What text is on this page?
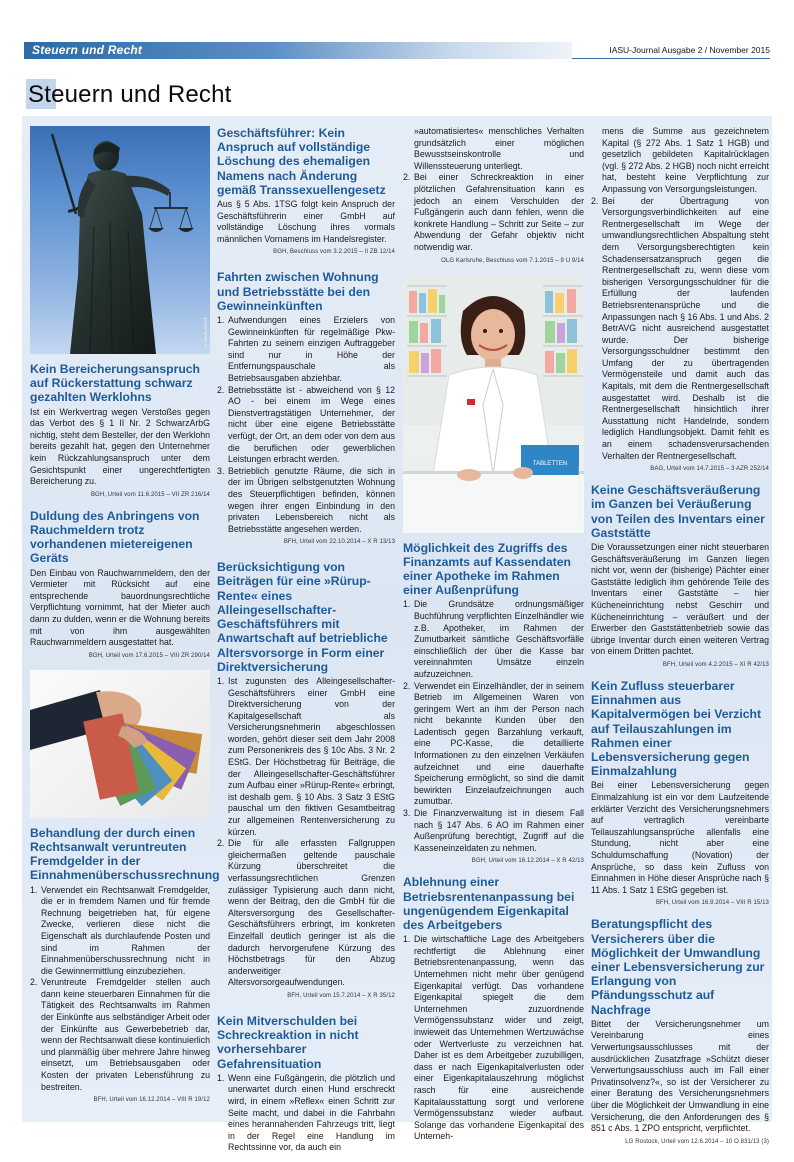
Steuern und Recht	IASU-Journal Ausgabe 2 / November 2015
Steuern und Recht
© MarkusBeck
Kein Bereicherungsanspruch auf Rückerstattung schwarz gezahlten Werklohns

Ist ein Werkvertrag wegen Verstoßes gegen das Verbot des § 1 II Nr. 2 SchwarzArbG nichtig, steht dem Besteller, der den Werklohn bereits gezahlt hat, gegen den Unternehmer kein Rückzahlungsanspruch unter dem Gesichtspunkt einer ungerechtfertigten Bereicherung zu.

BGH, Urteil vom 11.6.2015 – VII ZR 216/14
Duldung des Anbringens von Rauchmeldern trotz vorhandenen mietereigenen Geräts

Den Einbau von Rauchwarnmeldern, den der Vermieter mit Rücksicht auf eine entsprechende bauordnungsrechtliche Verpflichtung vornimmt, hat der Mieter auch dann zu dulden, wenn er die Wohnung bereits mit von ihm ausgewählten Rauchwarnmeldern ausgestattet hat.

BGH, Urteil vom 17.6.2015 – VIII ZR 290/14
© Kaband Mehr - Fotolia.com
Behandlung der durch einen Rechtsanwalt veruntreuten Fremdgelder in der Einnahmenüberschussrechnung
Verwendet ein Rechtsanwalt Fremdgelder, die er in fremdem Namen und für fremde Rechnung beigetrieben hat, für eigene Zwecke, verlieren diese nicht die Eigenschaft als durchlaufende Posten und sind im Rahmen der Einnahmenüberschussrechnung nicht in die Gewinnermittlung einzubeziehen.
Veruntreute Fremdgelder stellen auch dann keine steuerbaren Einnahmen für die Tätigkeit des Rechtsanwalts im Rahmen der Einkünfte aus selbständiger Arbeit oder der Einkünfte aus Gewerbebetrieb dar, wenn der Rechtsanwalt diese kontinuierlich und planmäßig über mehrere Jahre hinweg einsetzt, um Betriebsausgaben oder Kosten der privaten Lebensführung zu bestreiten.
BFH, Urteil vom 16.12.2014 – VIII R 19/12
Geschäftsführer: Kein Anspruch auf vollständige Löschung des ehemaligen Namens nach Änderung gemäß Transsexuellengesetz

Aus § 5 Abs. 1TSG folgt kein Anspruch der Geschäftsführerin einer GmbH auf vollständige Löschung ihres vormals männlichen Vornamens im Handelsregister.

BGH, Beschluss vom 3.2.2015 – II ZB 12/14
Fahrten zwischen Wohnung und Betriebsstätte bei den Gewinneinkünften
Aufwendungen eines Erzielers von Gewinneinkünften für regelmäßige Pkw-Fahrten zu seinem einzigen Auftraggeber sind nur in Höhe der Entfernungspauschale als Betriebsausgaben abziehbar.
Betriebsstätte ist - abweichend von § 12 AO - bei einem im Wege eines Dienstvertragstätigen Unternehmer, der nicht über eine eigene Betriebsstätte verfügt, der Ort, an dem oder von dem aus die beruflichen oder gewerblichen Leistungen erbracht werden.
Betrieblich genutzte Räume, die sich in der im Übrigen selbstgenutzten Wohnung des Steuerpflichtigen befinden, können wegen ihrer engen Einbindung in den privaten Lebensbereich nicht als Betriebsstätte angesehen werden.
BFH, Urteil vom 22.10.2014 – X R 13/13
Berücksichtigung von Beiträgen für eine »Rürup-Rente« eines Alleingesellschafter-Geschäftsführers mit Anwartschaft auf betriebliche Altersvorsorge in Form einer Direktversicherung
Ist zugunsten des Alleingesellschafter-Geschäftsführers einer GmbH eine Direktversicherung von der Kapitalgesellschaft als Versicherungsnehmerin abgeschlossen worden, gehört dieser seit dem Jahr 2008 zum Personenkreis des § 10c Abs. 3 Nr. 2 EStG. Der Höchstbetrag für Beiträge, die der Alleingesellschafter-Geschäftsführer zum Aufbau einer »Rürup-Rente« erbringt, ist deshalb gem. § 10 Abs. 3 Satz 3 EStG pauschal um den fiktiven Gesamtbeitrag zur allgemeinen Rentenversicherung zu kürzen.
Die für alle erfassten Fallgruppen gleichermaßen geltende pauschale Kürzung überschreitet die verfassungsrechtlichen Grenzen zulässiger Typisierung auch dann nicht, wenn der Beitrag, den die GmbH für die Altersversorgung des Gesellschafter-Geschäftsführers erbringt, im konkreten Einzelfall deutlich geringer ist als die dadurch hervorgerufene Kürzung des Höchstbetrags für den Abzug anderweitiger Altersvorsorgeaufwendungen.
BFH, Urteil vom 15.7.2014 – X R 35/12
Kein Mitverschulden bei Schreckreaktion in nicht vorhersehbarer Gefahrensituation
Wenn eine Fußgängerin, die plötzlich und unerwartet durch einen Hund erschreckt wird, in einem »Reflex« einen Schritt zur Seite macht, und dabei in die Fahrbahn eines herannahenden Fahrzeugs tritt, liegt in der Regel eine Handlung im Rechtssinne vor, da auch ein
»automatisiertes« menschliches Verhalten grundsätzlich einer möglichen Bewusstseinskontrolle und Willenssteuerung unterliegt.
2. Bei einer Schreckreaktion in einer plötzlichen Gefahrensituation kann es jedoch an einem Verschulden der Fußgängerin auch dann fehlen, wenn die konkrete Handlung – Schritt zur Seite – zur Abwendung der Gefahr objektiv nicht notwendig war.
OLG Karlsruhe, Beschluss vom 7.1.2015 – 9 U 9/14
TABLETTEN
© Kaband Mehr - Fotolia.com
Möglichkeit des Zugriffs des Finanzamts auf Kassendaten einer Apotheke im Rahmen einer Außenprüfung
1. Die Grundsätze ordnungsmäßiger Buchführung verpflichten Einzelhändler wie z.B. Apotheker, im Rahmen der Zumutbarkeit sämtliche Geschäftsvorfälle einschließlich der über die Kasse bar vereinnahmten Umsätze einzeln aufzuzeichnen.
2. Verwendet ein Einzelhändler, der in seinem Betrieb im Allgemeinen Waren von geringem Wert an ihm der Person nach nicht bekannte Kunden über den Ladentisch gegen Barzahlung verkauft, eine PC-Kasse, die detaillierte Informationen zu den einzelnen Verkäufen aufzeichnet und eine dauerhafte Speicherung ermöglicht, so sind die damit bewirkten Einzelaufzeichnungen auch zumutbar.
3. Die Finanzverwaltung ist in diesem Fall nach § 147 Abs. 6 AO im Rahmen einer Außenprüfung berechtigt, Zugriff auf die Kasseneinzeldaten zu nehmen.
BGH, Urteil vom 16.12.2014 – X R 42/13
Ablehnung einer Betriebsrentenanpassung bei ungenügendem Eigenkapital des Arbeitgebers
1. Die wirtschaftliche Lage des Arbeitgebers rechtfertigt die Ablehnung einer Betriebsrentenanpassung, wenn das Unternehmen nicht mehr über genügend Eigenkapital verfügt. Das vorhandene Eigenkapital spiegelt die dem Unternehmen zuzuordnende Vermögenssubstanz wider und zeigt, inwieweit das Unternehmen Wertzuwächse oder Wertverluste zu verzeichnen hat. Daher ist es dem Arbeitgeber zuzubilligen, dass er nach Eigenkapitalverlusten oder einer Eigenkapitalauszehrung möglichst rasch für eine ausreichende Kapitalausstattung sorgt und verlorene Vermögenssubstanz wieder aufbaut. Solange das vorhandene Eigenkapital des Unterneh-
mens die Summe aus gezeichnetem Kapital (§ 272 Abs. 1 Satz 1 HGB) und gesetzlich gebildeten Kapitalrücklagen (vgl. § 272 Abs. 2 HGB) noch nicht erreicht hat, besteht keine Verpflichtung zur Anpassung von Versorgungsleistungen.
2. Bei der Übertragung von Versorgungsverbindlichkeiten auf eine Rentnergesellschaft im Wege der umwandlungsrechtlichen Abspaltung steht dem Versorgungsberechtigten kein Schadensersatzanspruch gegen die Rentnergesellschaft zu, wenn diese vom bisherigen Versorgungsschuldner für die Erfüllung der laufenden Betriebsrentenansprüche und die Anpassungen nach § 16 Abs. 1 und Abs. 2 BetrAVG nicht ausreichend ausgestattet wurde. Der bisherige Versorgungsschuldner bestimmt den Umfang der zu übertragenden Vermögensteile und damit auch das Kapitals, mit dem die Rentnergesellschaft ausgestattet wird. Deshalb ist die Rentnergesellschaft hinsichtlich ihrer Ausstattung nicht Handelnde, sondern lediglich Handlungsobjekt. Damit fehlt es an einem schadensverursachenden Verhalten der Rentnergesellschaft.
BAG, Urteil vom 14.7.2015 – 3 AZR 252/14
Keine Geschäftsveräußerung im Ganzen bei Veräußerung von Teilen des Inventars einer Gaststätte

Die Voraussetzungen einer nicht steuerbaren Geschäftsveräußerung im Ganzen liegen nicht vor, wenn der (bisherige) Pächter einer Gaststätte lediglich ihm gehörende Teile des Inventars einer Gaststätte – hier Kücheneinrichtung nebst Geschirr und Kücheneinrichtung – veräußert und der Erwerber den Gaststättenbetrieb sowie das übrige Inventar durch einen weiteren Vertrag von einem Dritten pachtet.

BFH, Urteil vom 4.2.2015 – XI R 42/13
Kein Zufluss steuerbarer Einnahmen aus Kapitalvermögen bei Verzicht auf Teilauszahlungen im Rahmen einer Lebensversicherung gegen Einmalzahlung

Bei einer Lebensversicherung gegen Einmalzahlung ist ein vor dem Laufzeitende erklärter Verzicht des Versicherungsnehmers auf vertraglich vereinbarte Teilauszahlungsansprüche allenfalls eine Stundung, nicht aber eine Schuldumschaffung (Novation) der Ansprüche, so dass kein Zufluss von Einnahmen in Höhe dieser Ansprüche nach § 11 Abs. 1 Satz 1 EStG gegeben ist.

BFH, Urteil vom 16.9.2014 – VIII R 15/13
Beratungspflicht des Versicherers über die Möglichkeit der Umwandlung einer Lebensversicherung zur Erlangung von Pfändungsschutz auf Nachfrage

Bittet der Versicherungsnehmer um Vereinbarung eines Verwertungsausschlusses mit der ausdrücklichen Zusatzfrage »Schützt dieser Verwertungsausschluss auch im Fall einer Privatinsolvenz?«, so ist der Versicherer zu einer Beratung des Versicherungsnehmers über die Möglichkeit der Umwandlung in eine Versicherung, die den Anforderungen des § 851 c Abs. 1 ZPO entspricht, verpflichtet.

LG Rostock, Urteil vom 12.6.2014 – 10 O 831/13 (3)
